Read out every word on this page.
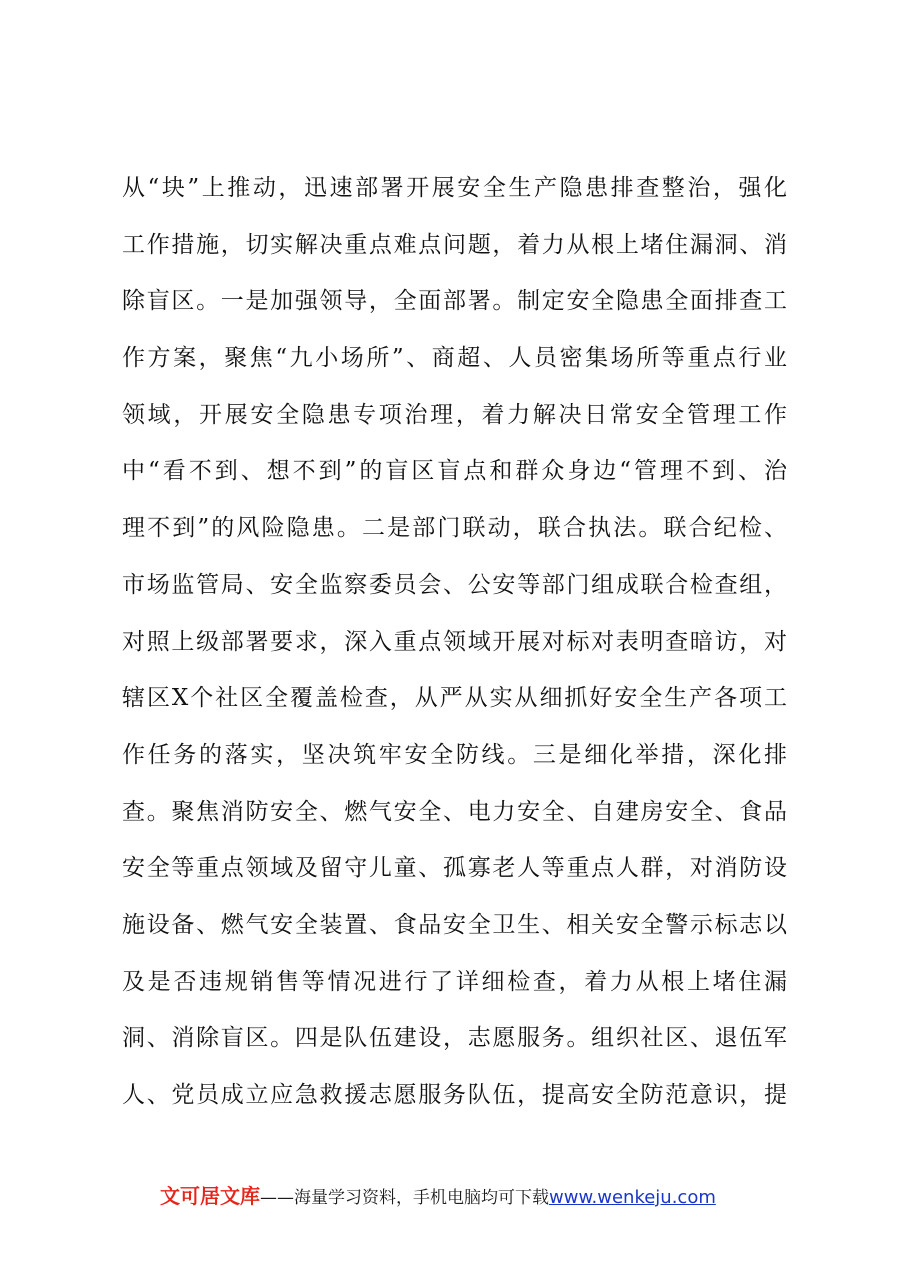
从“块”上推动，迅速部署开展安全生产隐患排查整治，强化
工作措施，切实解决重点难点问题，着力从根上堵住漏洞、消
除盲区。一是加强领导，全面部署。制定安全隐患全面排查工
作方案，聚焦“九小场所”、商超、人员密集场所等重点行业
领域，开展安全隐患专项治理，着力解决日常安全管理工作
中“看不到、想不到”的盲区盲点和群众身边“管理不到、治
理不到”的风险隐患。二是部门联动，联合执法。联合纪检、
市场监管局、安全监察委员会、公安等部门组成联合检查组，
对照上级部署要求，深入重点领域开展对标对表明查暗访，对
辖区X个社区全覆盖检查，从严从实从细抓好安全生产各项工
作任务的落实，坚决筑牢安全防线。三是细化举措，深化排
查。聚焦消防安全、燃气安全、电力安全、自建房安全、食品
安全等重点领域及留守儿童、孤寡老人等重点人群，对消防设
施设备、燃气安全装置、食品安全卫生、相关安全警示标志以
及是否违规销售等情况进行了详细检查，着力从根上堵住漏
洞、消除盲区。四是队伍建设，志愿服务。组织社区、退伍军
人、党员成立应急救援志愿服务队伍，提高安全防范意识，提
文可居文库——海量学习资料，手机电脑均可下载www.wenkeju.com
